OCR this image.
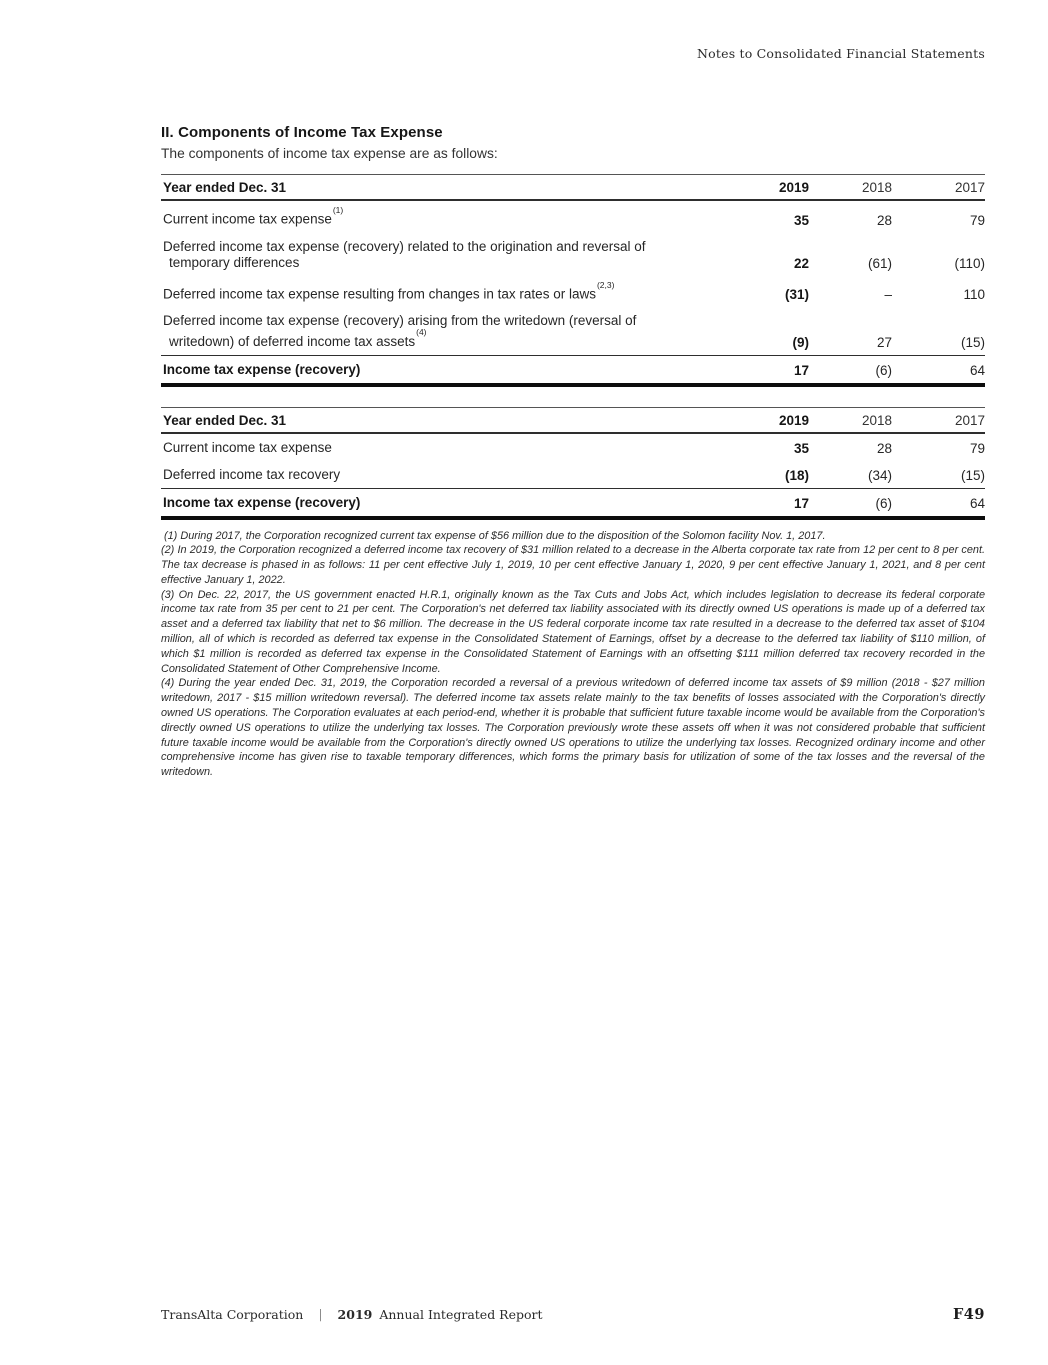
Notes to Consolidated Financial Statements
II. Components of Income Tax Expense

The components of income tax expense are as follows:

Year ended Dec. 31	2019	2018	2017
Current income tax expense$^{(1)}$	35	28	79
Deferred income tax expense (recovery) related to the origination and reversal of
temporary differences	22	(61)	(110)
Deferred income tax expense resulting from changes in tax rates or laws$^{(2,3)}$	(31)	–	110
Deferred income tax expense (recovery) arising from the writedown (reversal of
writedown) of deferred income tax assets$^{(4)}$	(9)	27	(15)
Income tax expense (recovery)	17	(6)	64
Year ended Dec. 31	2019	2018	2017
Current income tax expense	35	28	79
Deferred income tax recovery	(18)	(34)	(15)
Income tax expense (recovery)	17	(6)	64

(1) During 2017, the Corporation recognized current tax expense of $56 million due to the disposition of the Solomon facility Nov. 1, 2017.

(2) In 2019, the Corporation recognized a deferred income tax recovery of $31 million related to a decrease in the Alberta corporate tax rate from 12 per cent to 8 per cent. The tax decrease is phased in as follows: 11 per cent effective July 1, 2019, 10 per cent effective January 1, 2020, 9 per cent effective January 1, 2021, and 8 per cent effective January 1, 2022.

(3) On Dec. 22, 2017, the US government enacted H.R.1, originally known as the Tax Cuts and Jobs Act, which includes legislation to decrease its federal corporate income tax rate from 35 per cent to 21 per cent. The Corporation's net deferred tax liability associated with its directly owned US operations is made up of a deferred tax asset and a deferred tax liability that net to $6 million. The decrease in the US federal corporate income tax rate resulted in a decrease to the deferred tax asset of $104 million, all of which is recorded as deferred tax expense in the Consolidated Statement of Earnings, offset by a decrease to the deferred tax liability of $110 million, of which $1 million is recorded as deferred tax expense in the Consolidated Statement of Earnings with an offsetting $111 million deferred tax recovery recorded in the Consolidated Statement of Other Comprehensive Income.

(4) During the year ended Dec. 31, 2019, the Corporation recorded a reversal of a previous writedown of deferred income tax assets of $9 million (2018 - $27 million writedown, 2017 - $15 million writedown reversal). The deferred income tax assets relate mainly to the tax benefits of losses associated with the Corporation's directly owned US operations. The Corporation evaluates at each period-end, whether it is probable that sufficient future taxable income would be available from the Corporation's directly owned US operations to utilize the underlying tax losses. The Corporation previously wrote these assets off when it was not considered probable that sufficient future taxable income would be available from the Corporation's directly owned US operations to utilize the underlying tax losses. Recognized ordinary income and other comprehensive income has given rise to taxable temporary differences, which forms the primary basis for utilization of some of the tax losses and the reversal of the writedown.

TransAlta Corporation | 2019 Annual Integrated Report	F49
